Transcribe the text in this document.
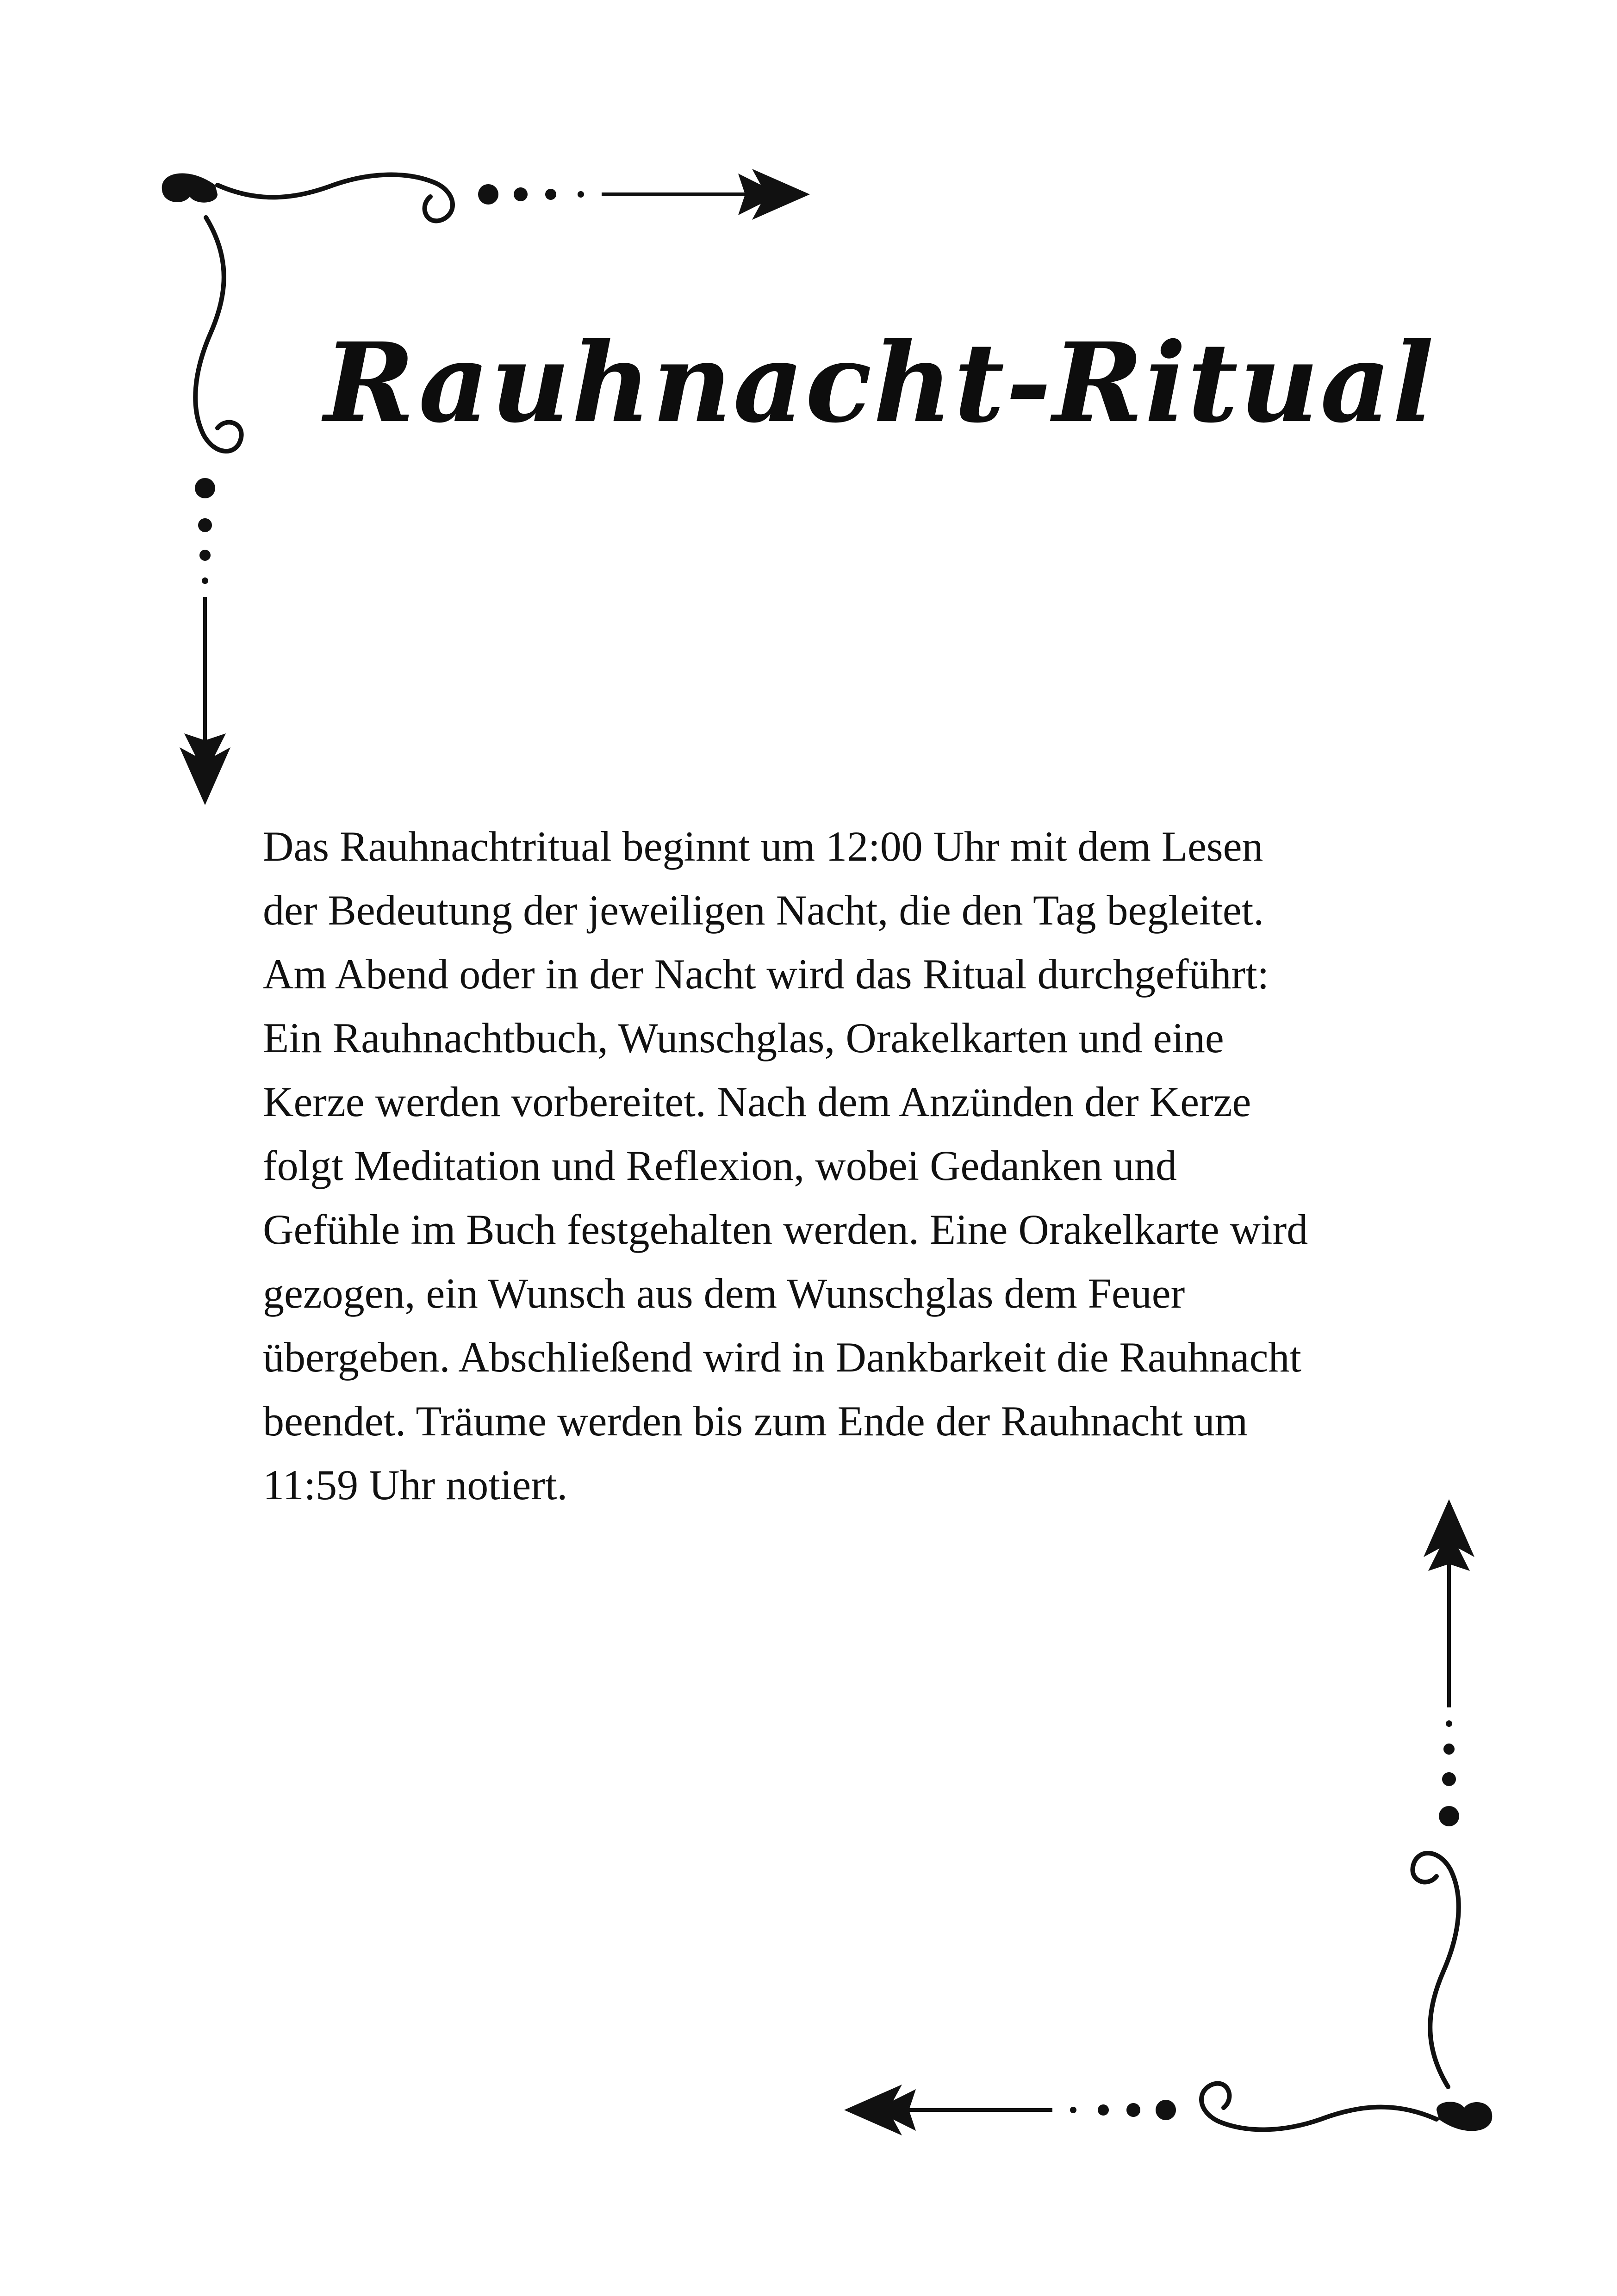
Rauhnacht-Ritual

Das Rauhnachtritual beginnt um 12:00 Uhr mit dem Lesen
der Bedeutung der jeweiligen Nacht, die den Tag begleitet.
Am Abend oder in der Nacht wird das Ritual durchgeführt:
Ein Rauhnachtbuch, Wunschglas, Orakelkarten und eine
Kerze werden vorbereitet. Nach dem Anzünden der Kerze
folgt Meditation und Reflexion, wobei Gedanken und
Gefühle im Buch festgehalten werden. Eine Orakelkarte wird
gezogen, ein Wunsch aus dem Wunschglas dem Feuer
übergeben. Abschließend wird in Dankbarkeit die Rauhnacht
beendet. Träume werden bis zum Ende der Rauhnacht um
11:59 Uhr notiert.
